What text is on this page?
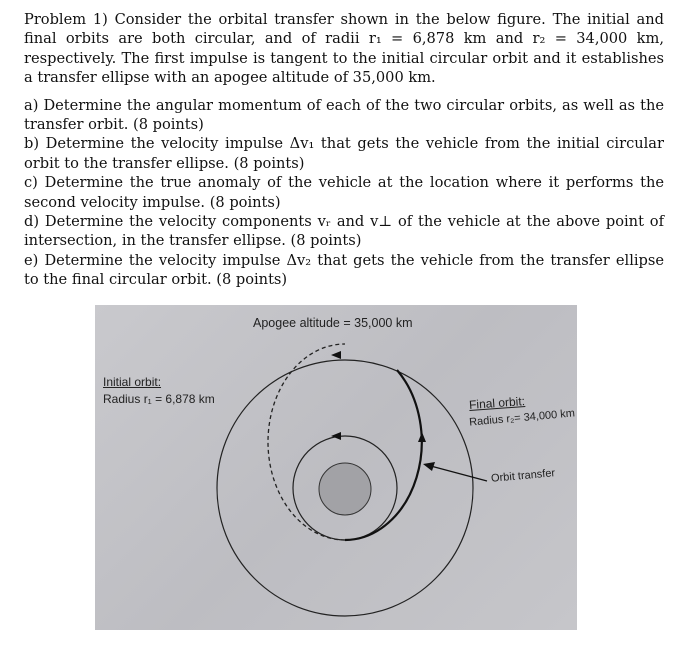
Problem 1) Consider the orbital transfer shown in the below figure. The initial and final orbits are both circular, and of radii r₁ = 6,878 km and r₂ = 34,000 km, respectively. The first impulse is tangent to the initial circular orbit and it establishes a transfer ellipse with an apogee altitude of 35,000 km.

a) Determine the angular momentum of each of the two circular orbits, as well as the transfer orbit. (8 points)
b) Determine the velocity impulse Δv₁ that gets the vehicle from the initial circular orbit to the transfer ellipse. (8 points)
c) Determine the true anomaly of the vehicle at the location where it performs the second velocity impulse. (8 points)
d) Determine the velocity components vᵣ and v⊥ of the vehicle at the above point of intersection, in the transfer ellipse. (8 points)
e) Determine the velocity impulse Δv₂ that gets the vehicle from the transfer ellipse to the final circular orbit. (8 points)
Apogee altitude = 35,000 km
Initial orbit:
Radius r₁ = 6,878 km	Final orbit:
Radius r₂= 34,000 km
Orbit transfer
